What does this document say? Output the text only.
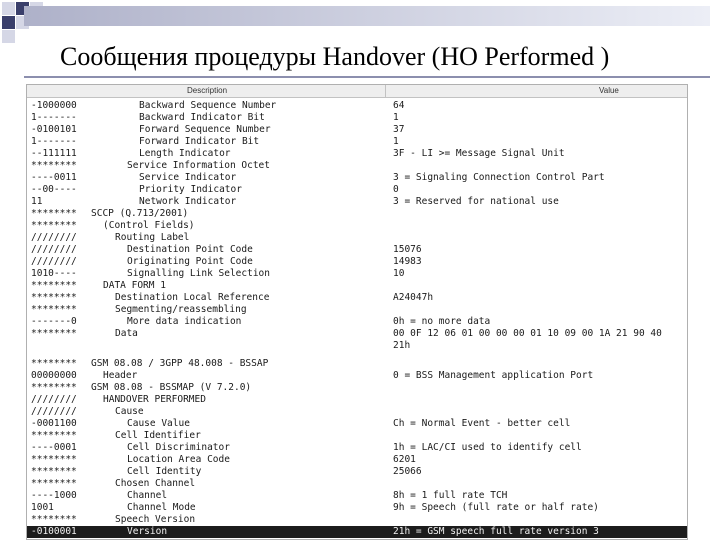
Сообщения процедуры Handover (HO Performed )
Description	Value
-1000000	Backward Sequence Number	64
1-------	Backward Indicator Bit	1
-0100101	Forward Sequence Number	37
1-------	Forward Indicator Bit	1
--111111	Length Indicator	3F - LI >= Message Signal Unit
********	Service Information Octet
----0011	Service Indicator	3 = Signaling Connection Control Part
--00----	Priority Indicator	0
11	Network Indicator	3 = Reserved for national use
******** SCCP (Q.713/2001)
********	(Control Fields)
////////	Routing Label
////////	Destination Point Code	15076
////////	Originating Point Code	14983
1010----	Signalling Link Selection	10
********	DATA FORM 1
********	Destination Local Reference	A24047h
********	Segmenting/reassembling
-------0	More data indication	0h = no more data
********	Data	00 0F 12 06 01 00 00 00 01 10 09 00 1A 21 90 40
21h
******** GSM 08.08 / 3GPP 48.008 - BSSAP
00000000	Header	0 = BSS Management application Port
******** GSM 08.08 - BSSMAP (V 7.2.0)
////////	HANDOVER PERFORMED
////////	Cause
-0001100	Cause Value	Ch = Normal Event - better cell
********	Cell Identifier
----0001	Cell Discriminator	1h = LAC/CI used to identify cell
********	Location Area Code	6201
********	Cell Identity	25066
********	Chosen Channel
----1000	Channel	8h = 1 full rate TCH
1001	Channel Mode	9h = Speech (full rate or half rate)
********	Speech Version
-0100001	Version	21h = GSM speech full rate version 3
